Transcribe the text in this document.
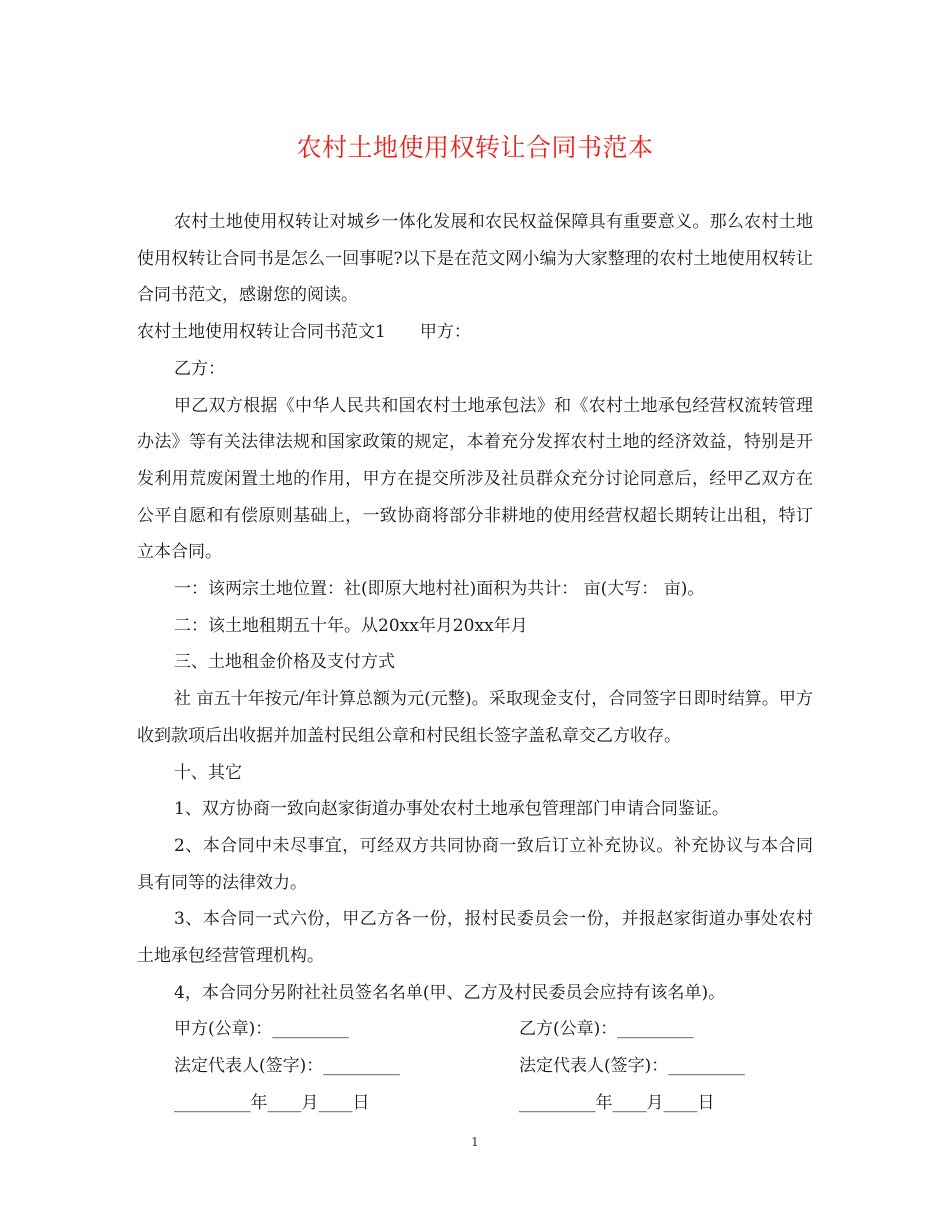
农村土地使用权转让合同书范本

农村土地使用权转让对城乡一体化发展和农民权益保障具有重要意义。那么农村土地使用权转让合同书是怎么一回事呢?以下是在范文网小编为大家整理的农村土地使用权转让合同书范文，感谢您的阅读。

农村土地使用权转让合同书范文1 甲方：

乙方：

甲乙双方根据《中华人民共和国农村土地承包法》和《农村土地承包经营权流转管理办法》等有关法律法规和国家政策的规定，本着充分发挥农村土地的经济效益，特别是开发利用荒废闲置土地的作用，甲方在提交所涉及社员群众充分讨论同意后，经甲乙双方在公平自愿和有偿原则基础上，一致协商将部分非耕地的使用经营权超长期转让出租，特订立本合同。

一：该两宗土地位置：社(即原大地村社)面积为共计： 亩(大写： 亩)。

二：该土地租期五十年。从20xx年月20xx年月

三、土地租金价格及支付方式

社 亩五十年按元/年计算总额为元(元整)。采取现金支付，合同签字日即时结算。甲方收到款项后出收据并加盖村民组公章和村民组长签字盖私章交乙方收存。

十、其它

1、双方协商一致向赵家街道办事处农村土地承包管理部门申请合同鉴证。

2、本合同中未尽事宜，可经双方共同协商一致后订立补充协议。补充协议与本合同具有同等的法律效力。

3、本合同一式六份，甲乙方各一份，报村民委员会一份，并报赵家街道办事处农村土地承包经营管理机构。

4，本合同分另附社社员签名名单(甲、乙方及村民委员会应持有该名单)。

甲方(公章)：_________	乙方(公章)：_________
法定代表人(签字)：_________	法定代表人(签字)：_________
_________年____月____日	_________年____月____日
1
